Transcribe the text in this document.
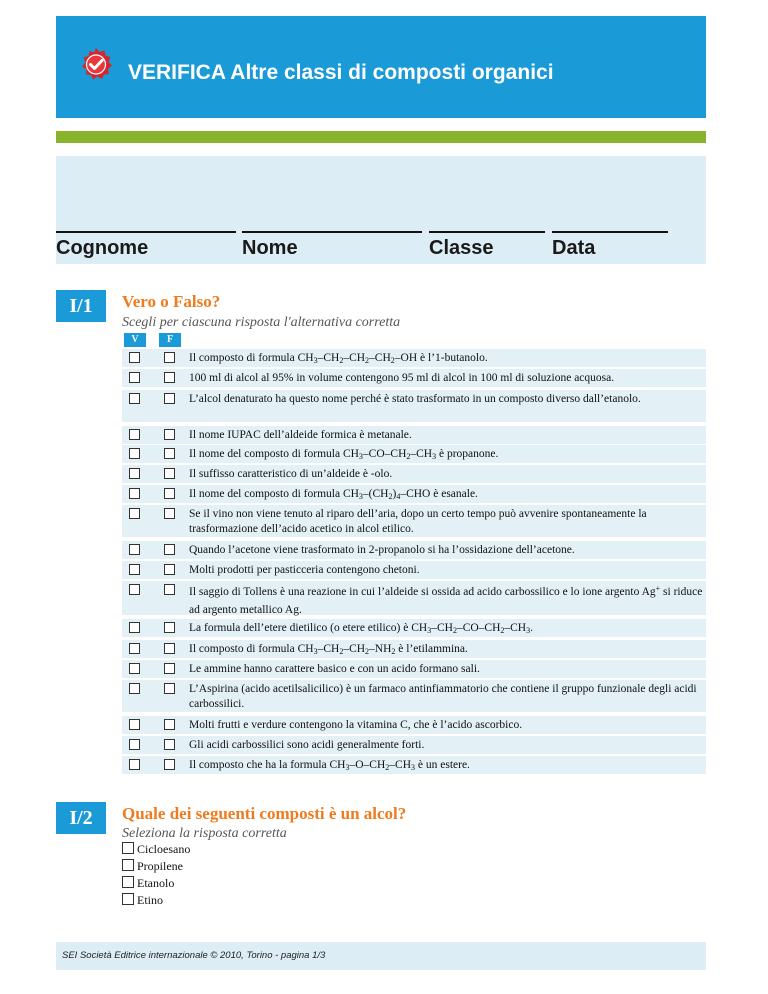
VERIFICA Altre classi di composti organici
Cognome	Nome	Classe	Data
I/1	Vero o Falso?
Scegli per ciascuna risposta l'alternativa corretta
V	F
Il composto di formula $CH_3-CH_2-CH_2-CH_2-OH$ è l’1-butanolo.
100 ml di alcol al 95% in volume contengono 95 ml di alcol in 100 ml di soluzione acquosa.
L’alcol denaturato ha questo nome perché è stato trasformato in un composto diverso dall’etanolo.
Il nome IUPAC dell’aldeide formica è metanale.
Il nome del composto di formula $CH_3-CO-CH_2-CH_3$ è propanone.
Il suffisso caratteristico di un’aldeide è -olo.
Il nome del composto di formula $CH_3-(CH_2)_4$–CHO è esanale.
Se il vino non viene tenuto al riparo dell’aria, dopo un certo tempo può avvenire spontaneamente la trasformazione dell’acido acetico in alcol etilico.
Quando l’acetone viene trasformato in 2-propanolo si ha l’ossidazione dell’acetone.
Molti prodotti per pasticceria contengono chetoni.
Il saggio di Tollens è una reazione in cui l’aldeide si ossida ad acido carbossilico e lo ione argento Ag+ si riduce ad argento metallico Ag.
La formula dell’etere dietilico (o etere etilico) è $CH_3-CH_2-CO-CH_2-CH_3$.
Il composto di formula $CH_3-CH_2-CH_2-NH_2$ è l’etilammina.
Le ammine hanno carattere basico e con un acido formano sali.
L’Aspirina (acido acetilsalicilico) è un farmaco antinfiammatorio che contiene il gruppo funzionale degli acidi carbossilici.
Molti frutti e verdure contengono la vitamina C, che è l’acido ascorbico.
Gli acidi carbossilici sono acidi generalmente forti.
Il composto che ha la formula $CH_3-O-CH_2-CH_3$ è un estere.
I/2	Quale dei seguenti composti è un alcol?
Seleziona la risposta corretta
Cicloesano
Propilene
Etanolo
Etino
SEI Società Editrice internazionale © 2010, Torino - pagina 1/3
